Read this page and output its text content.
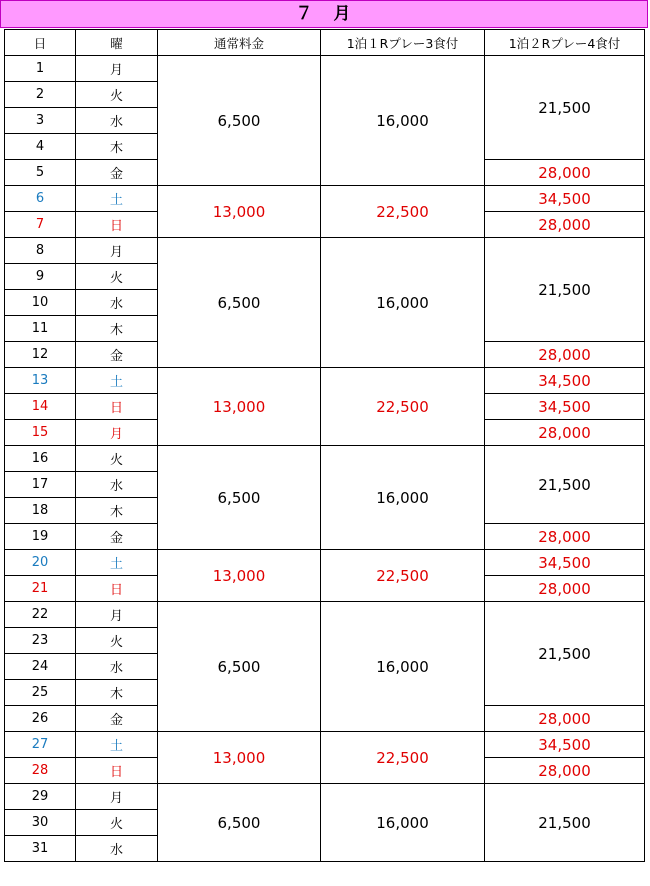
７　月
日	曜	通常料金	1泊１Rプレー3食付	1泊２Rプレー4食付
1	月	6,500	16,000	21,500
2	火			
3	水			
4	木			
5	金			28,000
6	土	13,000	22,500	34,500
7	日			28,000
8	月	6,500	16,000	21,500
9	火			
10	水			
11	木			
12	金			28,000
13	土	13,000	22,500	34,500
14	日			34,500
15	月			28,000
16	火	6,500	16,000	21,500
17	水			
18	木			
19	金			28,000
20	土	13,000	22,500	34,500
21	日			28,000
22	月	6,500	16,000	21,500
23	火			
24	水			
25	木			
26	金			28,000
27	土	13,000	22,500	34,500
28	日			28,000
29	月	6,500	16,000	21,500
30	火			
31	水			
